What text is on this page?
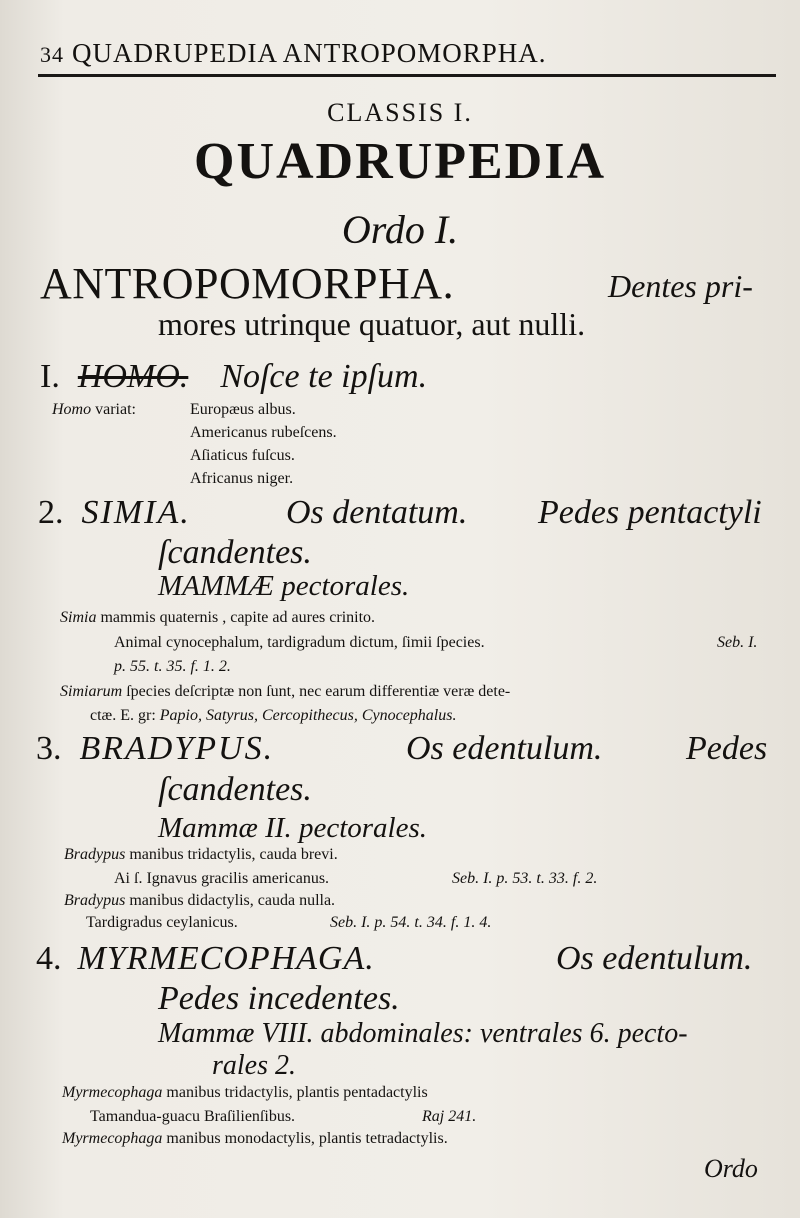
34 QUADRUPEDIA ANTROPOMORPHA.
CLASSIS I.
QUADRUPEDIA
Ordo I.
ANTROPOMORPHA.	Dentes pri-
mores utrinque quatuor, aut nulli.
I. HOMO. Noſce te ipſum.
Homo variat:	Europæus albus.
Americanus rubeſcens.
Aſiaticus fuſcus.
Africanus niger.
2. SIMIA.	Os dentatum. Pedes pentactyli
ſcandentes.
MAMMÆ pectorales.
Simia mammis quaternis , capite ad aures crinito.
Animal cynocephalum, tardigradum dictum, ſimii ſpecies.	Seb. I.
p. 55. t. 35. f. 1. 2.
Simiarum ſpecies deſcriptæ non ſunt, nec earum differentiæ veræ dete-
ctæ. E. gr: Papio, Satyrus, Cercopithecus, Cynocephalus.
3. BRADYPUS.	Os edentulum. Pedes
ſcandentes.
Mammæ II. pectorales.
Bradypus manibus tridactylis, cauda brevi.
Ai ſ. Ignavus gracilis americanus.	Seb. I. p. 53. t. 33. f. 2.
Bradypus manibus didactylis, cauda nulla.
Tardigradus ceylanicus.	Seb. I. p. 54. t. 34. f. 1. 4.
4. MYRMECOPHAGA.	Os edentulum.
Pedes incedentes.
Mammæ VIII. abdominales: ventrales 6. pecto-
rales 2.
Myrmecophaga manibus tridactylis, plantis pentadactylis
Tamandua-guacu Braſilienſibus.	Raj 241.
Myrmecophaga manibus monodactylis, plantis tetradactylis.
Ordo
